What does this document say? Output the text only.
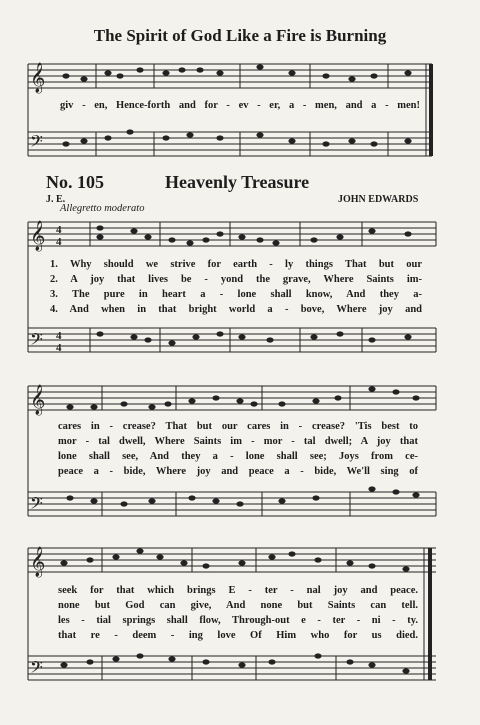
The Spirit of God Like a Fire is Burning
𝄞
𝄢
giv - en, Hence-forth and for - ev - er, a - men, and a - men!
No. 105	Heavenly Treasure
J. E.	JOHN EDWARDS
Allegretto moderato
𝄞
𝄢
4
4
4
4
1. Why should we strive for earth - ly things That but our
2. A joy that lives be - yond the grave, Where Saints im-
3. The pure in heart a - lone shall know, And they a-
4. And when in that bright world a - bove, Where joy and
𝄞
𝄢
cares in - crease? That but our cares in - crease? 'Tis best to
mor - tal dwell, Where Saints im - mor - tal dwell; A joy that
lone shall see, And they a - lone shall see; Joys from ce-
peace a - bide, Where joy and peace a - bide, We'll sing of
𝄞
𝄢
seek for that which brings E - ter - nal joy and peace.
none but God can give, And none but Saints can tell.
les - tial springs shall flow, Through-out e - ter - ni - ty.
that re - deem - ing love Of Him who for us died.
